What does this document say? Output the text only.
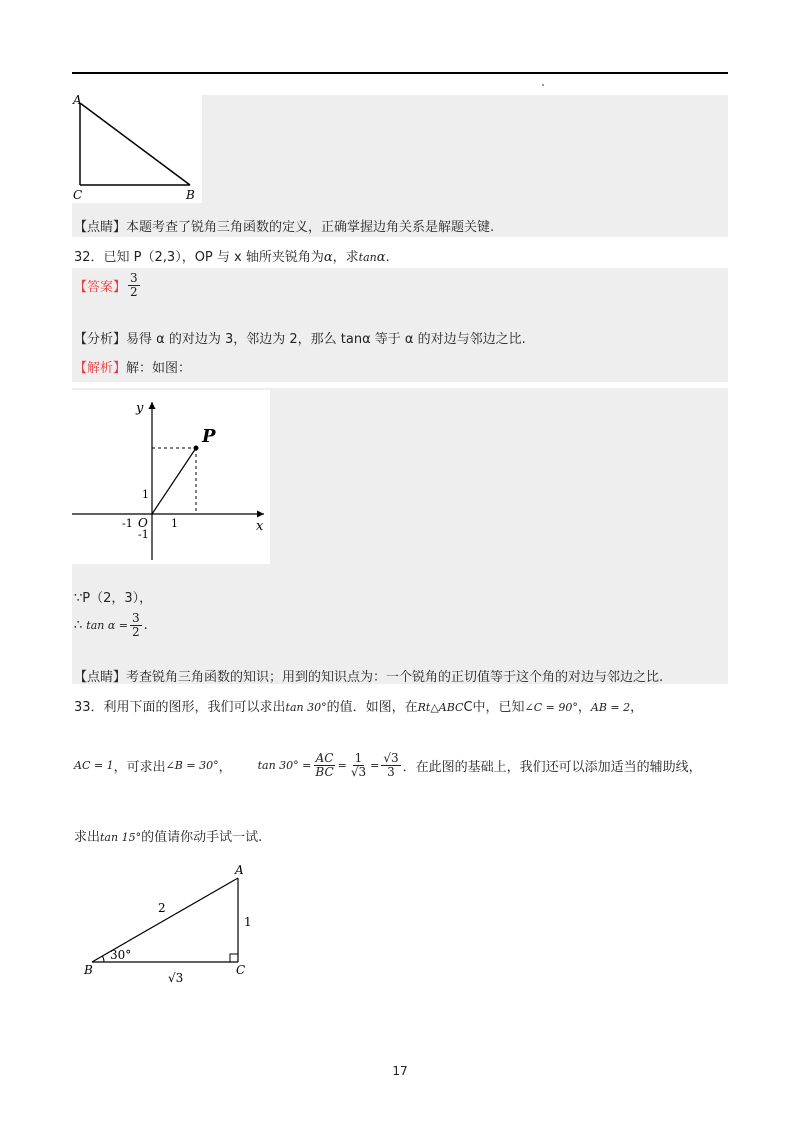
A
C	B
【点睛】本题考查了锐角三角函数的定义，正确掌握边角关系是解题关键.
32．已知 P（2,3），OP 与 x 轴所夹锐角为α，求tanα.
【答案】 $\frac{3}{2}$
【分析】易得 α 的对边为 3，邻边为 2，那么 tanα 等于 α 的对边与邻边之比.
【解析】解：如图：
y
x
P
O
1
1
-1
-1
∵P（2，3），
∴ $\tan \alpha = \frac{3}{2}$ .
【点睛】考查锐角三角函数的知识；用到的知识点为：一个锐角的正切值等于这个角的对边与邻边之比.
33．利用下面的图形，我们可以求出tan 30°的值．如图，在Rt△ABCC中，已知∠C = 90°，AB = 2，
AC = 1，可求出∠B = 30°， $\tan 30^\circ = \frac{AC}{BC} = \frac{1}{√3} = \frac{√3}{3}$ ．在此图的基础上，我们还可以添加适当的辅助线，
求出tan 15°的值请你动手试一试.
A
B	C
2
1
√3
30°
17
